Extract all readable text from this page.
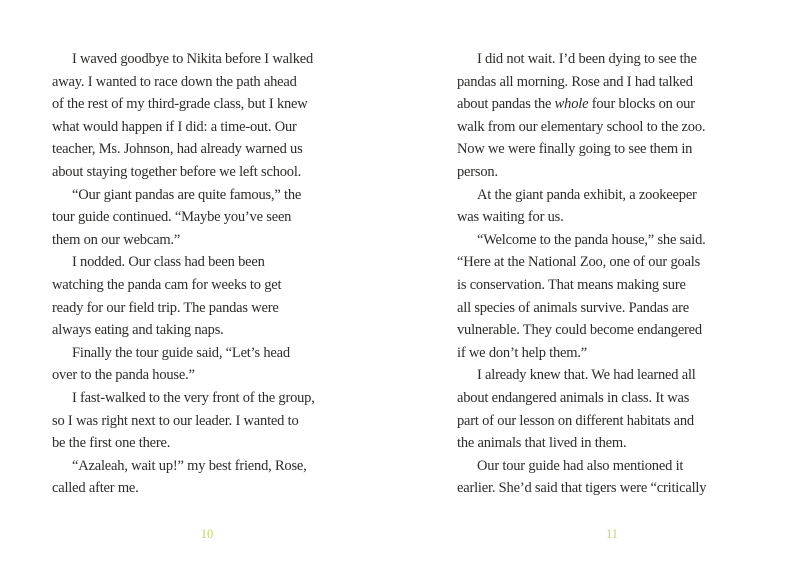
I waved goodbye to Nikita before I walked
away. I wanted to race down the path ahead
of the rest of my third-grade class, but I knew
what would happen if I did: a time-out. Our
teacher, Ms. Johnson, had already warned us
about staying together before we left school.
“Our giant pandas are quite famous,” the
tour guide continued. “Maybe you’ve seen
them on our webcam.”
I nodded. Our class had been been
watching the panda cam for weeks to get
ready for our field trip. The pandas were
always eating and taking naps.
Finally the tour guide said, “Let’s head
over to the panda house.”
I fast-walked to the very front of the group,
so I was right next to our leader. I wanted to
be the first one there.
“Azaleah, wait up!” my best friend, Rose,
called after me.
10
I did not wait. I’d been dying to see the
pandas all morning. Rose and I had talked
about pandas the whole four blocks on our
walk from our elementary school to the zoo.
Now we were finally going to see them in
person.
At the giant panda exhibit, a zookeeper
was waiting for us.
“Welcome to the panda house,” she said.
“Here at the National Zoo, one of our goals
is conservation. That means making sure
all species of animals survive. Pandas are
vulnerable. They could become endangered
if we don’t help them.”
I already knew that. We had learned all
about endangered animals in class. It was
part of our lesson on different habitats and
the animals that lived in them.
Our tour guide had also mentioned it
earlier. She’d said that tigers were “critically
11
